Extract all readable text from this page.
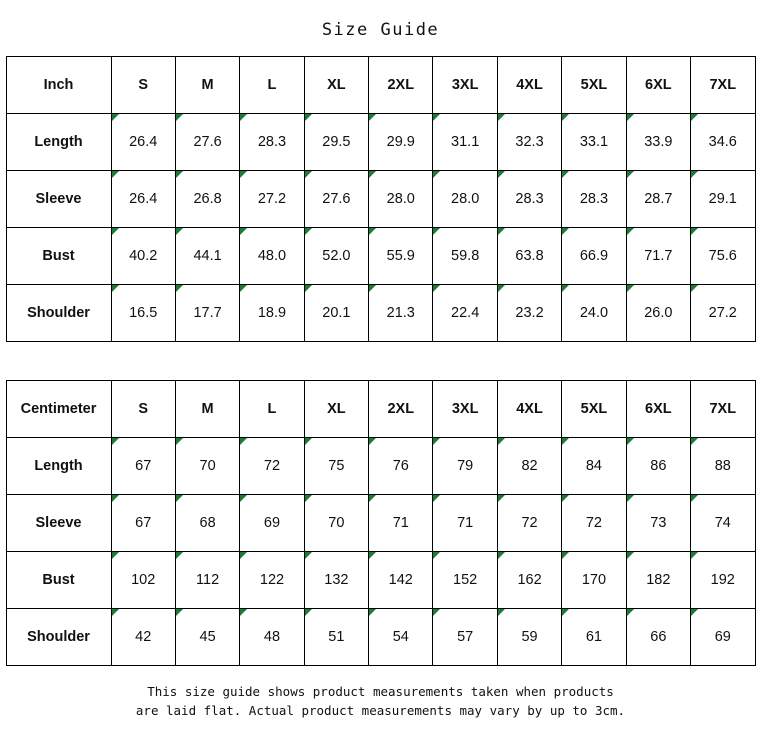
Size Guide
Inch	S	M	L	XL	2XL	3XL	4XL	5XL	6XL	7XL
Length	26.4	27.6	28.3	29.5	29.9	31.1	32.3	33.1	33.9	34.6
Sleeve	26.4	26.8	27.2	27.6	28.0	28.0	28.3	28.3	28.7	29.1
Bust	40.2	44.1	48.0	52.0	55.9	59.8	63.8	66.9	71.7	75.6
Shoulder	16.5	17.7	18.9	20.1	21.3	22.4	23.2	24.0	26.0	27.2
Centimeter	S	M	L	XL	2XL	3XL	4XL	5XL	6XL	7XL
Length	67	70	72	75	76	79	82	84	86	88
Sleeve	67	68	69	70	71	71	72	72	73	74
Bust	102	112	122	132	142	152	162	170	182	192
Shoulder	42	45	48	51	54	57	59	61	66	69
This size guide shows product measurements taken when products
are laid flat. Actual product measurements may vary by up to 3cm.
